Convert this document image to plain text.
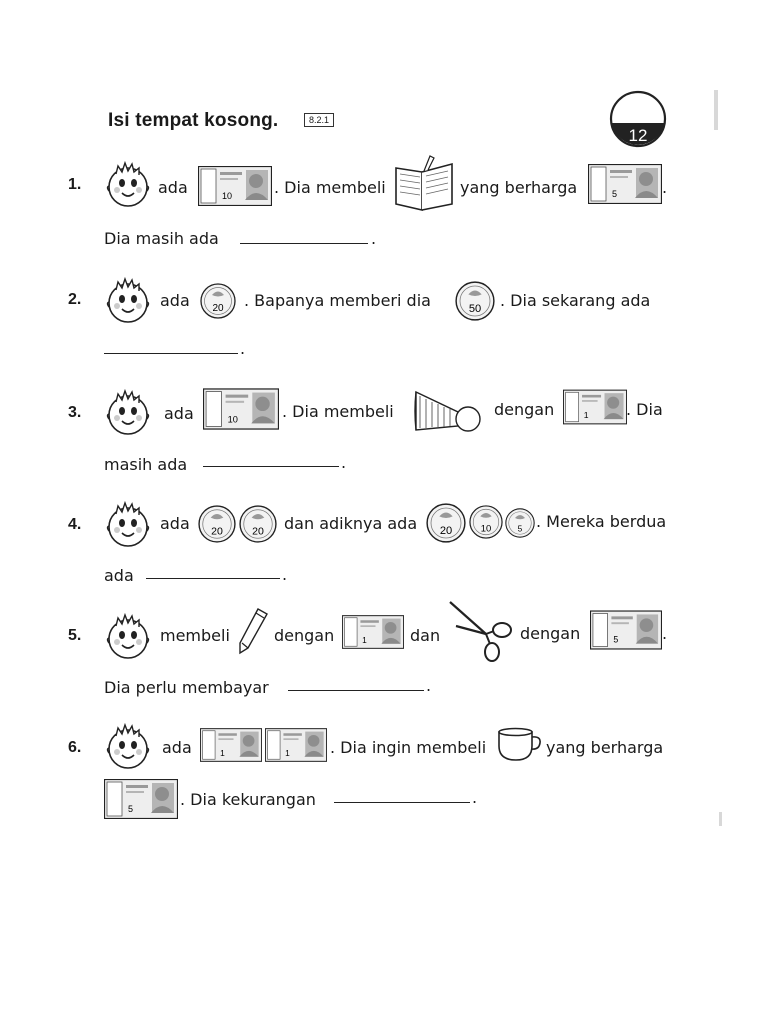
Isi tempat kosong.	8.2.1
12
1.	ada	10	. Dia membeli	yang berharga	5	.
Dia masih ada	.
2.	ada 20 . Bapanya memberi dia	50 . Dia sekarang ada
.
3.	ada	10	. Dia membeli	dengan	1 . Dia
masih ada	.
4.	ada 20	20 dan adiknya ada 20	10	5 . Mereka berdua
ada	.
5.	membeli	dengan	1	dan	dengan	5	.
Dia perlu membayar	.
6.	ada	1	1	. Dia ingin membeli	yang berharga
5	. Dia kekurangan	.
